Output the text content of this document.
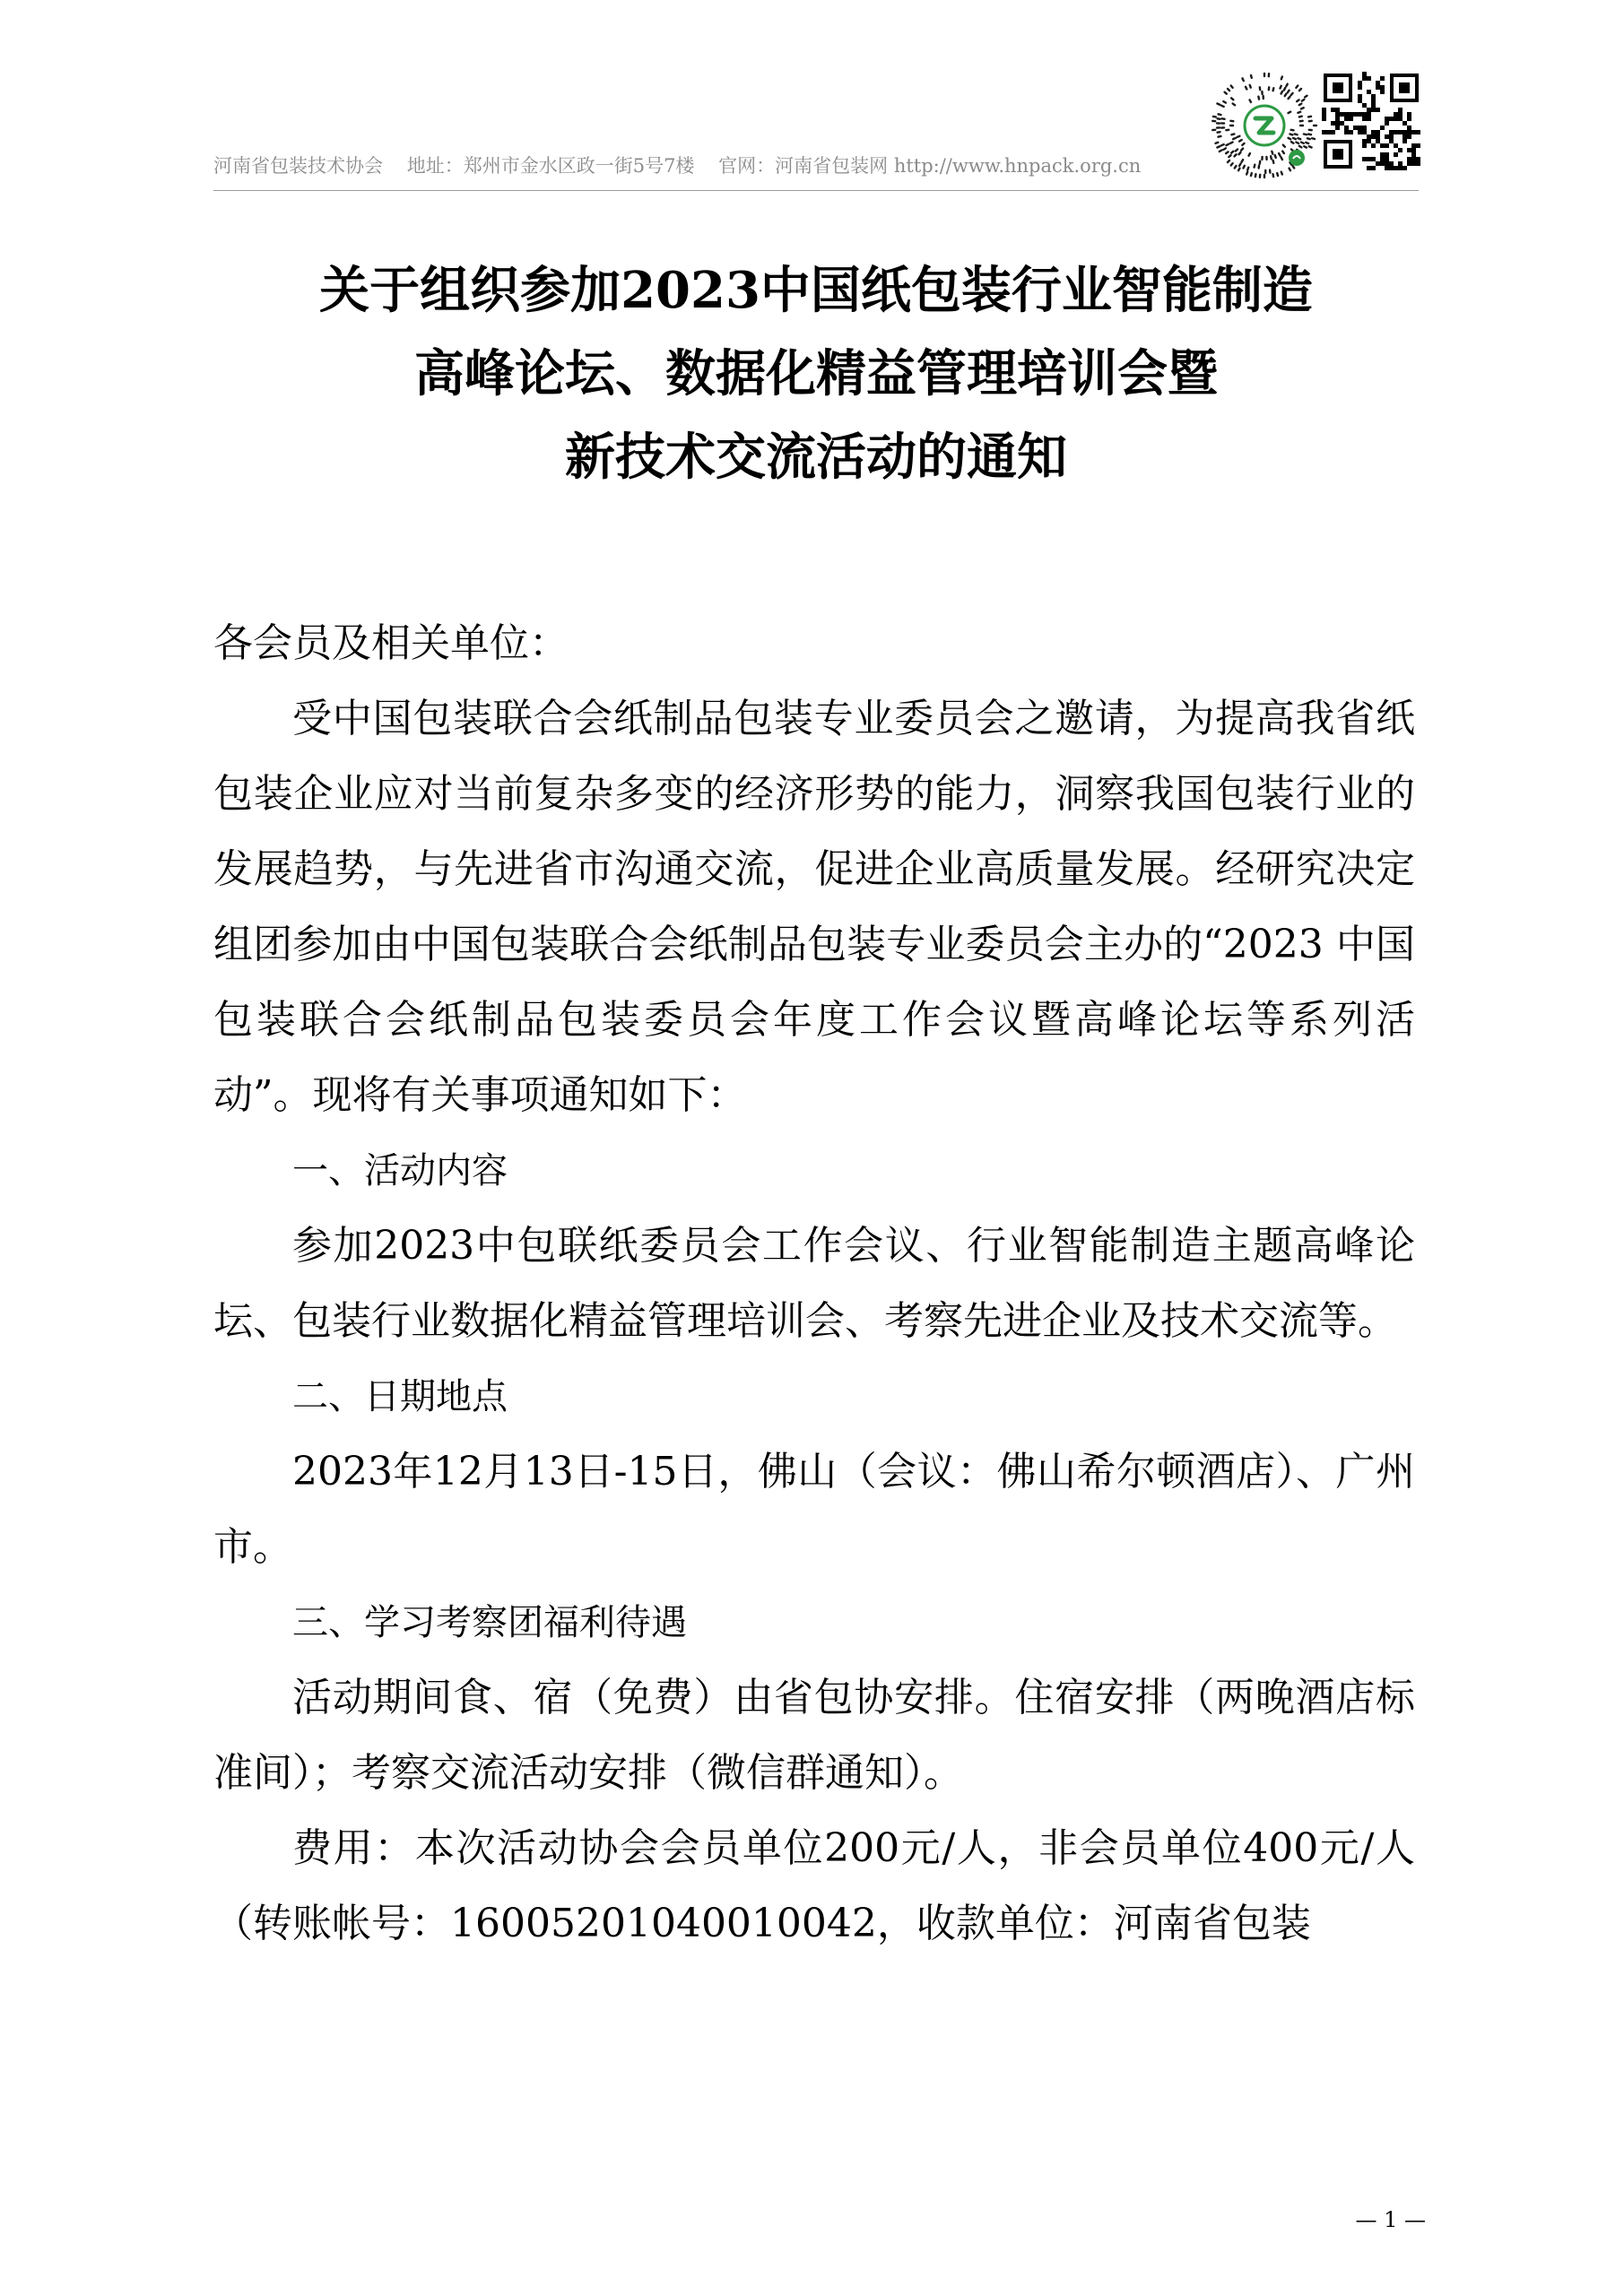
河南省包装技术协会 地址：郑州市金水区政一街5号7楼 官网：河南省包装网 http://www.hnpack.org.cn
关于组织参加2023中国纸包装行业智能制造
高峰论坛、数据化精益管理培训会暨
新技术交流活动的通知

各会员及相关单位：

受中国包装联合会纸制品包装专业委员会之邀请，为提高我省纸包装企业应对当前复杂多变的经济形势的能力，洞察我国包装行业的发展趋势，与先进省市沟通交流，促进企业高质量发展。经研究决定组团参加由中国包装联合会纸制品包装专业委员会主办的“2023 中国包装联合会纸制品包装委员会年度工作会议暨高峰论坛等系列活动”。现将有关事项通知如下：

一、活动内容

参加2023中包联纸委员会工作会议、行业智能制造主题高峰论坛、包装行业数据化精益管理培训会、考察先进企业及技术交流等。

二、日期地点

2023年12月13日-15日，佛山（会议：佛山希尔顿酒店）、广州市。

三、学习考察团福利待遇

活动期间食、宿（免费）由省包协安排。住宿安排（两晚酒店标准间）；考察交流活动安排（微信群通知）。

费用：本次活动协会会员单位200元/人，非会员单位400元/人（转账帐号：16005201040010042，收款单位：河南省包装

— 1 —
